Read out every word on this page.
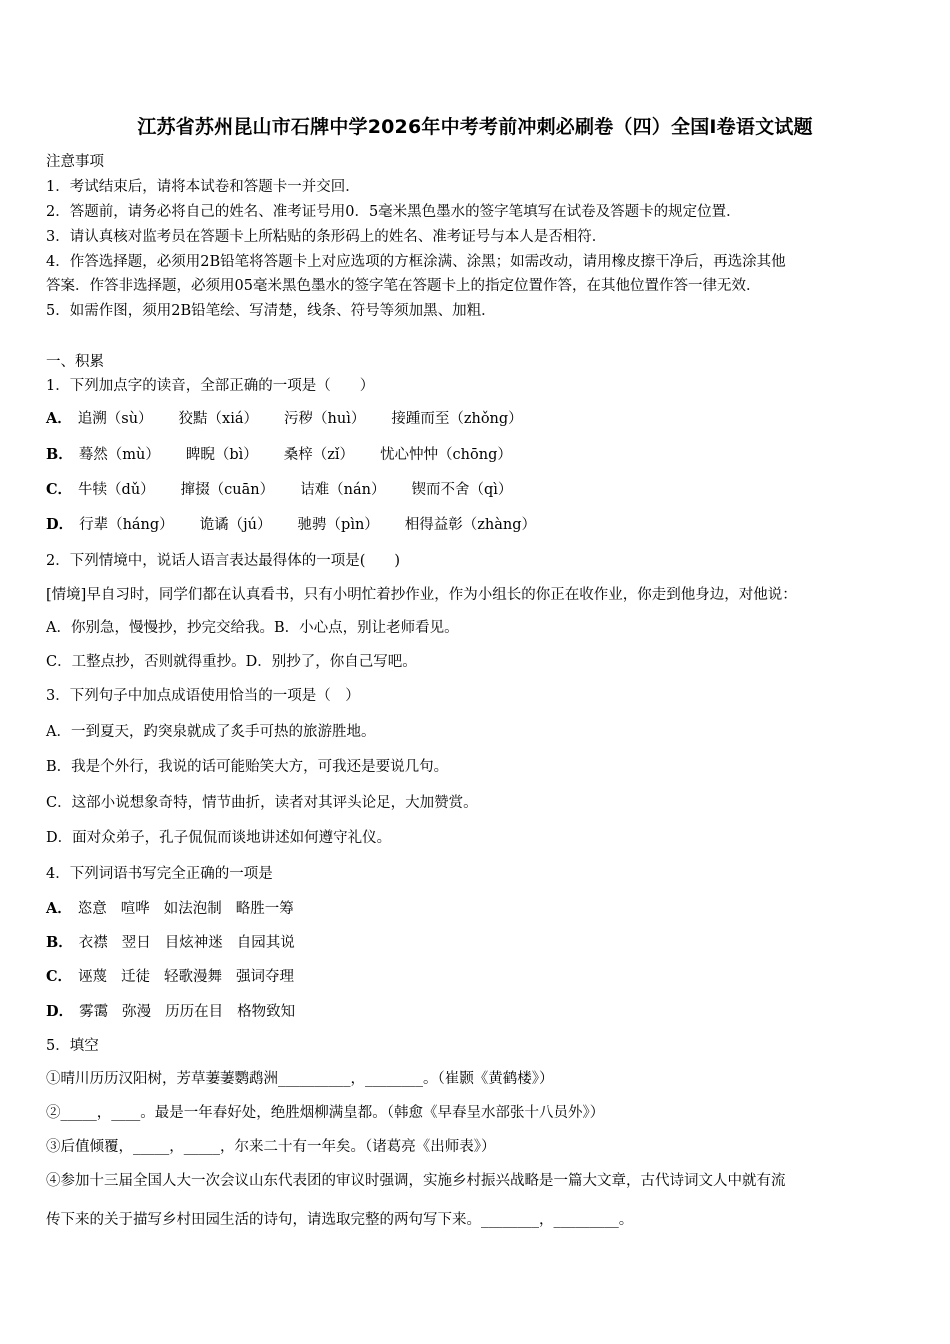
江苏省苏州昆山市石牌中学2026年中考考前冲刺必刷卷（四）全国Ⅰ卷语文试题
注意事项
1．考试结束后，请将本试卷和答题卡一并交回．
2．答题前，请务必将自己的姓名、准考证号用0．5毫米黑色墨水的签字笔填写在试卷及答题卡的规定位置．
3．请认真核对监考员在答题卡上所粘贴的条形码上的姓名、准考证号与本人是否相符．
4．作答选择题，必须用2B铅笔将答题卡上对应选项的方框涂满、涂黑；如需改动，请用橡皮擦干净后，再选涂其他
答案．作答非选择题，必须用05毫米黑色墨水的签字笔在答题卡上的指定位置作答，在其他位置作答一律无效．
5．如需作图，须用2B铅笔绘、写清楚，线条、符号等须加黑、加粗．
一、积累
1．下列加点字的读音，全部正确的一项是（　　）
A． 追溯（sù） 狡黠（xiá） 污秽（huì） 接踵而至（zhǒng）
B． 蓦然（mù） 睥睨（bì） 桑梓（zǐ） 忧心忡忡（chōng）
C． 牛犊（dǔ） 撺掇（cuān） 诘难（nán） 锲而不舍（qì）
D． 行辈（háng） 诡谲（jú） 驰骋（pìn） 相得益彰（zhàng）
2．下列情境中，说话人语言表达最得体的一项是(　　)
[情境]早自习时，同学们都在认真看书，只有小明忙着抄作业，作为小组长的你正在收作业，你走到他身边，对他说：
A．你别急，慢慢抄，抄完交给我。B．小心点，别让老师看见。
C．工整点抄，否则就得重抄。D．别抄了，你自己写吧。
3．下列句子中加点成语使用恰当的一项是（　）
A．一到夏天，趵突泉就成了炙手可热的旅游胜地。
B．我是个外行，我说的话可能贻笑大方，可我还是要说几句。
C．这部小说想象奇特，情节曲折，读者对其评头论足，大加赞赏。
D．面对众弟子，孔子侃侃而谈地讲述如何遵守礼仪。
4．下列词语书写完全正确的一项是
A． 恣意 喧哗 如法泡制 略胜一筹
B． 衣襟 翌日 目炫神迷 自园其说
C． 诬蔑 迁徒 轻歌漫舞 强词夺理
D． 雾霭 弥漫 历历在目 格物致知
5．填空
①晴川历历汉阳树，芳草萋萋鹦鹉洲__________，________。（崔颢《黄鹤楼》）
②_____，____。最是一年春好处，绝胜烟柳满皇都。（韩愈《早春呈水部张十八员外》）
③后值倾覆，_____，_____，尔来二十有一年矣。（诸葛亮《出师表》）
④参加十三届全国人大一次会议山东代表团的审议时强调，实施乡村振兴战略是一篇大文章，古代诗词文人中就有流
传下来的关于描写乡村田园生活的诗句，请选取完整的两句写下来。________，_________。
